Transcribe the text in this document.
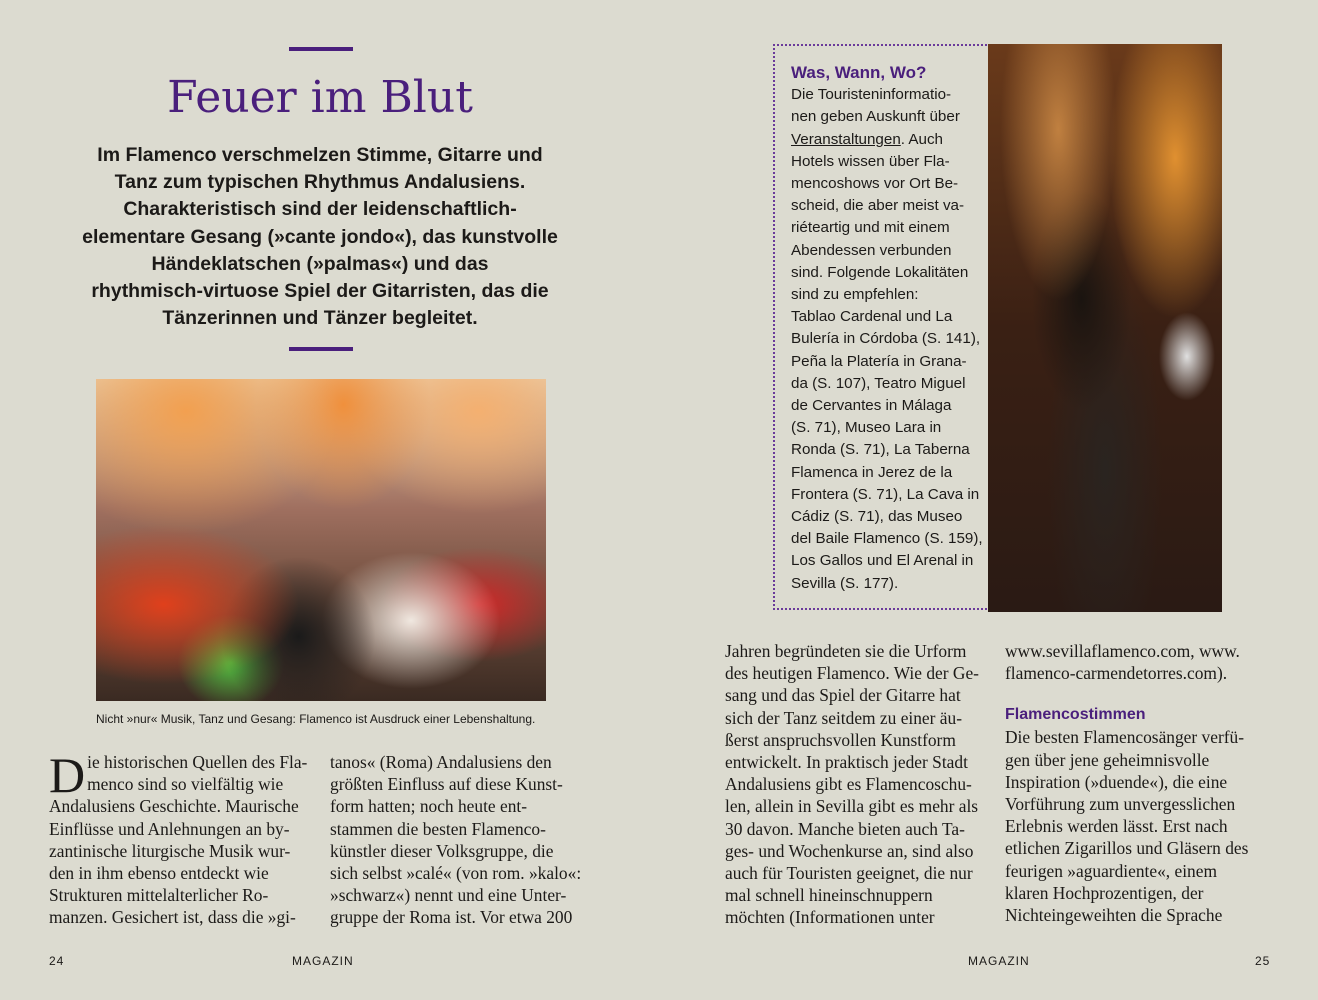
Feuer im Blut
Im Flamenco verschmelzen Stimme, Gitarre und
Tanz zum typischen Rhythmus Andalusiens.
Charakteristisch sind der leidenschaftlich-
elementare Gesang (»cante jondo«), das kunstvolle
Händeklatschen (»palmas«) und das
rhythmisch-virtuose Spiel der Gitarristen, das die
Tänzerinnen und Tänzer begleitet.
Nicht »nur« Musik, Tanz und Gesang: Flamenco ist Ausdruck einer Lebenshaltung.
D ie historischen Quellen des Fla-
menco sind so vielfältig wie
Andalusiens Geschichte. Maurische
Einflüsse und Anlehnungen an by-
zantinische liturgische Musik wur-
den in ihm ebenso entdeckt wie
Strukturen mittelalterlicher Ro-
manzen. Gesichert ist, dass die »gi-
tanos« (Roma) Andalusiens den
größten Einfluss auf diese Kunst-
form hatten; noch heute ent-
stammen die besten Flamenco-
künstler dieser Volksgruppe, die
sich selbst »calé« (von rom. »kalo«:
»schwarz«) nennt und eine Unter-
gruppe der Roma ist. Vor etwa 200
24	MAGAZIN
Was, Wann, Wo?
Die Touristeninformatio-
nen geben Auskunft über
Veranstaltungen. Auch
Hotels wissen über Fla-
mencoshows vor Ort Be-
scheid, die aber meist va-
riéteartig und mit einem
Abendessen verbunden
sind. Folgende Lokalitäten
sind zu empfehlen:
Tablao Cardenal und La
Bulería in Córdoba (S. 141),
Peña la Platería in Grana-
da (S. 107), Teatro Miguel
de Cervantes in Málaga
(S. 71), Museo Lara in
Ronda (S. 71), La Taberna
Flamenca in Jerez de la
Frontera (S. 71), La Cava in
Cádiz (S. 71), das Museo
del Baile Flamenco (S. 159),
Los Gallos und El Arenal in
Sevilla (S. 177).
Jahren begründeten sie die Urform
des heutigen Flamenco. Wie der Ge-
sang und das Spiel der Gitarre hat
sich der Tanz seitdem zu einer äu-
ßerst anspruchsvollen Kunstform
entwickelt. In praktisch jeder Stadt
Andalusiens gibt es Flamencoschu-
len, allein in Sevilla gibt es mehr als
30 davon. Manche bieten auch Ta-
ges- und Wochenkurse an, sind also
auch für Touristen geeignet, die nur
mal schnell hineinschnuppern
möchten (Informationen unter
www.sevillaflamenco.com, www.
flamenco-carmendetorres.com).
Flamencostimmen
Die besten Flamencosänger verfü-
gen über jene geheimnisvolle
Inspiration (»duende«), die eine
Vorführung zum unvergesslichen
Erlebnis werden lässt. Erst nach
etlichen Zigarillos und Gläsern des
feurigen »aguardiente«, einem
klaren Hochprozentigen, der
Nichteingeweihten die Sprache
MAGAZIN	25
